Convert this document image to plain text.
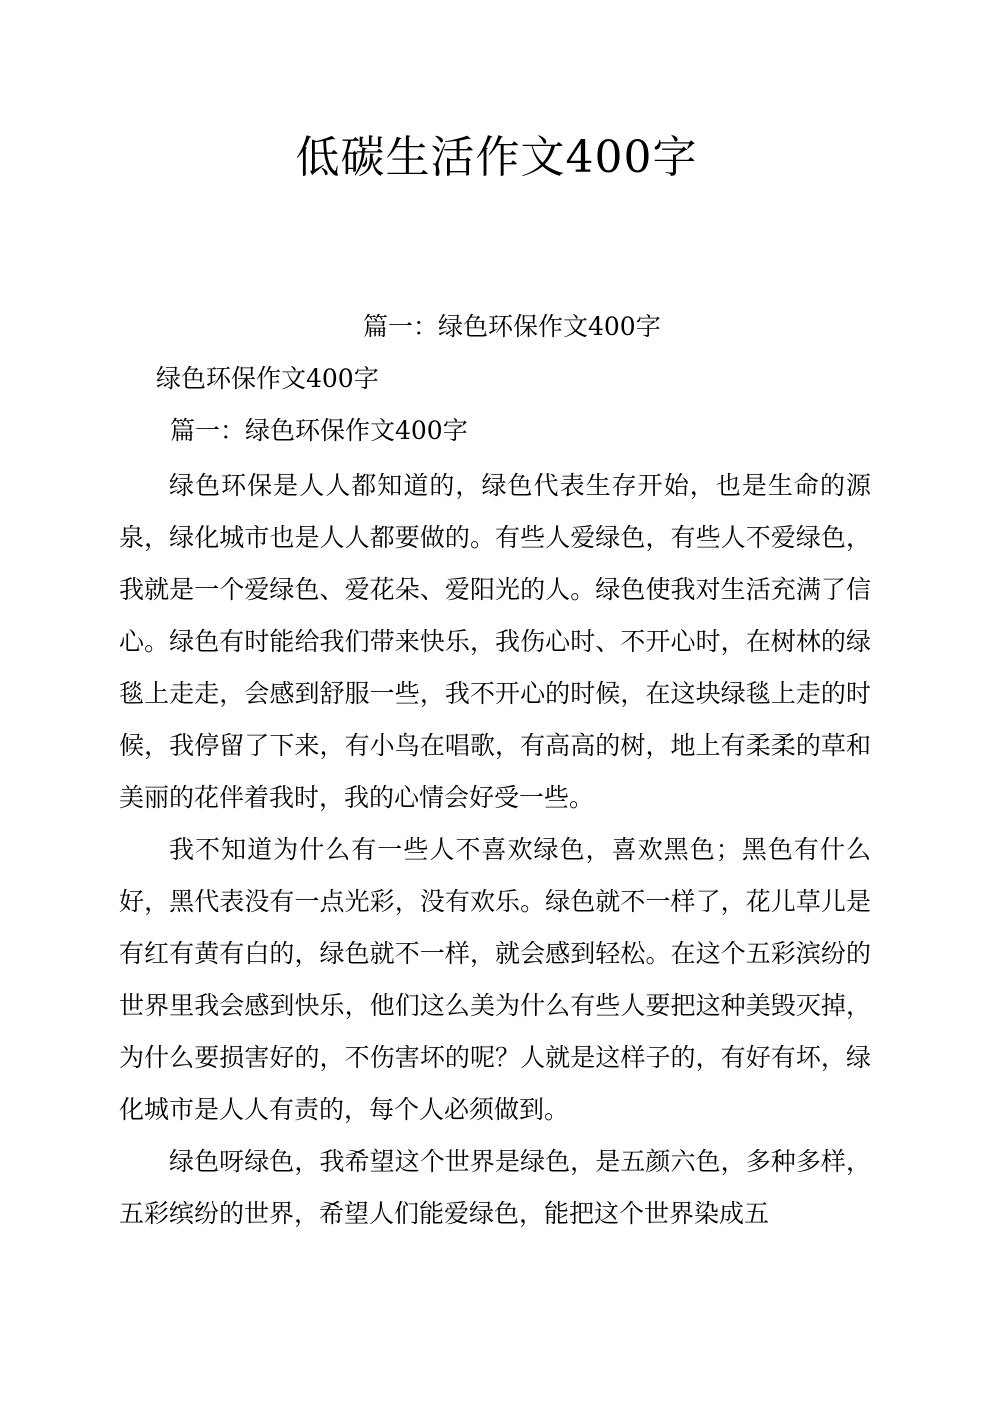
低碳生活作文400字
篇一：绿色环保作文400字
绿色环保作文400字
篇一：绿色环保作文400字

绿色环保是人人都知道的，绿色代表生存开始，也是生命的源泉，绿化城市也是人人都要做的。有些人爱绿色，有些人不爱绿色，我就是一个爱绿色、爱花朵、爱阳光的人。绿色使我对生活充满了信心。绿色有时能给我们带来快乐，我伤心时、不开心时，在树林的绿毯上走走，会感到舒服一些，我不开心的时候，在这块绿毯上走的时候，我停留了下来，有小鸟在唱歌，有高高的树，地上有柔柔的草和美丽的花伴着我时，我的心情会好受一些。

我不知道为什么有一些人不喜欢绿色，喜欢黑色；黑色有什么好，黑代表没有一点光彩，没有欢乐。绿色就不一样了，花儿草儿是有红有黄有白的，绿色就不一样，就会感到轻松。在这个五彩滨纷的世界里我会感到快乐，他们这么美为什么有些人要把这种美毁灭掉，为什么要损害好的，不伤害坏的呢？人就是这样子的，有好有坏，绿化城市是人人有责的，每个人必须做到。

绿色呀绿色，我希望这个世界是绿色，是五颜六色，多种多样，五彩缤纷的世界，希望人们能爱绿色，能把这个世界染成五
